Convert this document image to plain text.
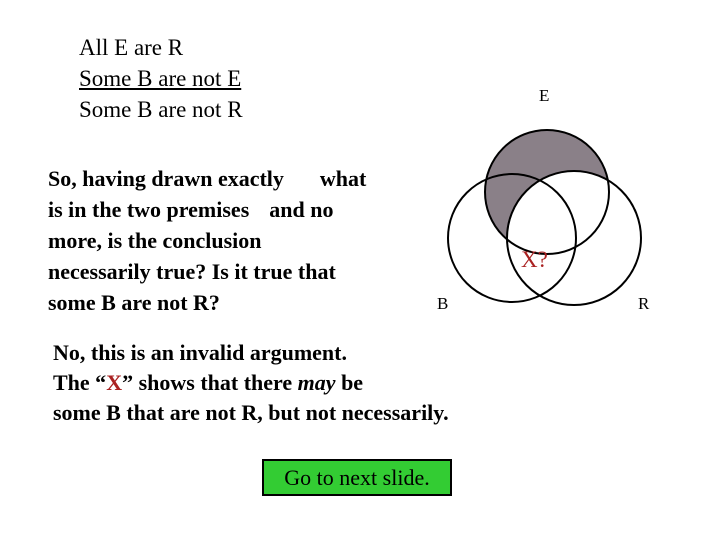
All E are R
Some B are not E
Some B are not R
So, having drawn exactly what
is in the two premises and no
more, is the conclusion
necessarily true? Is it true that
some B are not R?
E
B	R
X?
No, this is an invalid argument.
The “X” shows that there may be
some B that are not R, but not necessarily.
Go to next slide.
